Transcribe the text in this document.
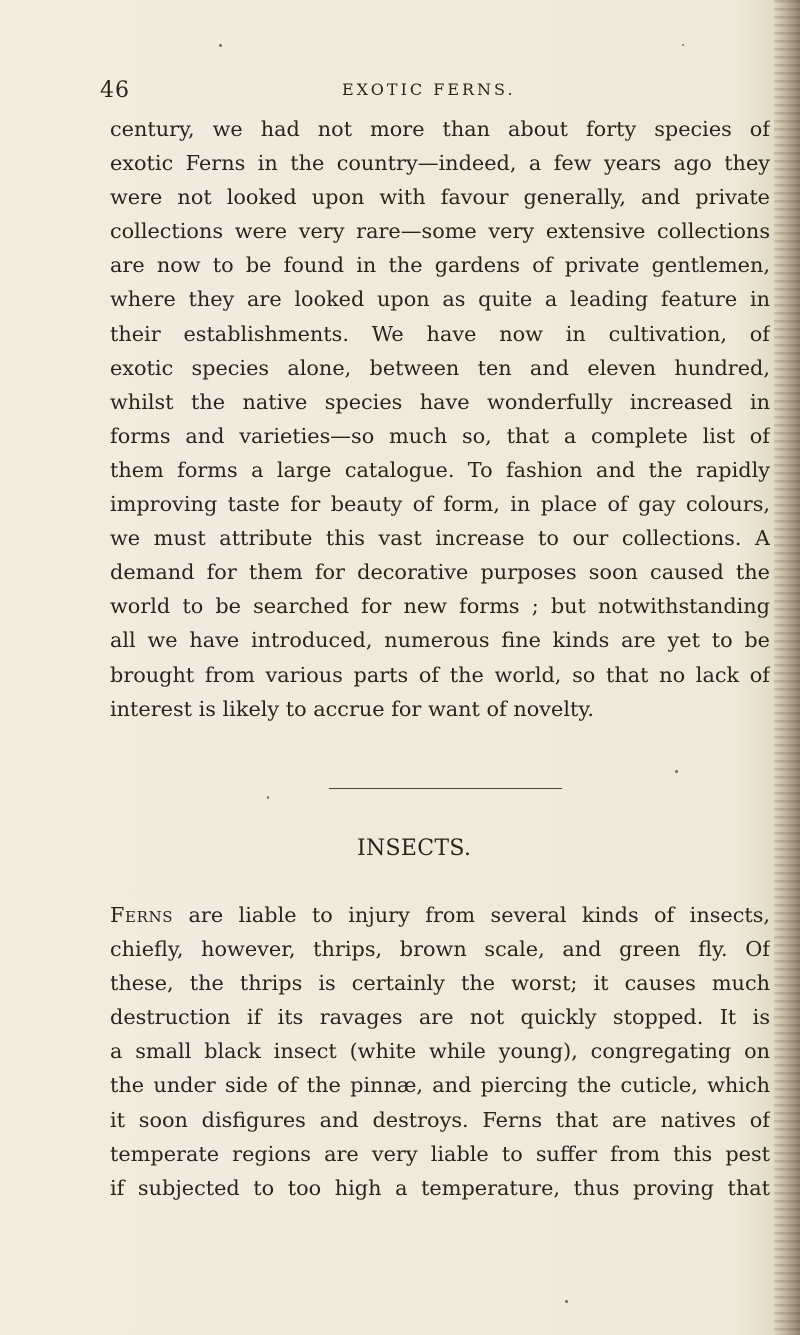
46	EXOTIC FERNS.
century, we had not more than about forty species of
exotic Ferns in the country—indeed, a few years ago they
were not looked upon with favour generally, and private
collections were very rare—some very extensive collections
are now to be found in the gardens of private gentlemen,
where they are looked upon as quite a leading feature in
their establishments. We have now in cultivation, of
exotic species alone, between ten and eleven hundred,
whilst the native species have wonderfully increased in
forms and varieties—so much so, that a complete list of
them forms a large catalogue. To fashion and the rapidly
improving taste for beauty of form, in place of gay colours,
we must attribute this vast increase to our collections. A
demand for them for decorative purposes soon caused the
world to be searched for new forms ; but notwithstanding
all we have introduced, numerous fine kinds are yet to be
brought from various parts of the world, so that no lack of
interest is likely to accrue for want of novelty.
INSECTS.
Ferns are liable to injury from several kinds of insects,
chiefly, however, thrips, brown scale, and green fly. Of
these, the thrips is certainly the worst; it causes much
destruction if its ravages are not quickly stopped. It is
a small black insect (white while young), congregating on
the under side of the pinnæ, and piercing the cuticle, which
it soon disfigures and destroys. Ferns that are natives of
temperate regions are very liable to suffer from this pest
if subjected to too high a temperature, thus proving that
